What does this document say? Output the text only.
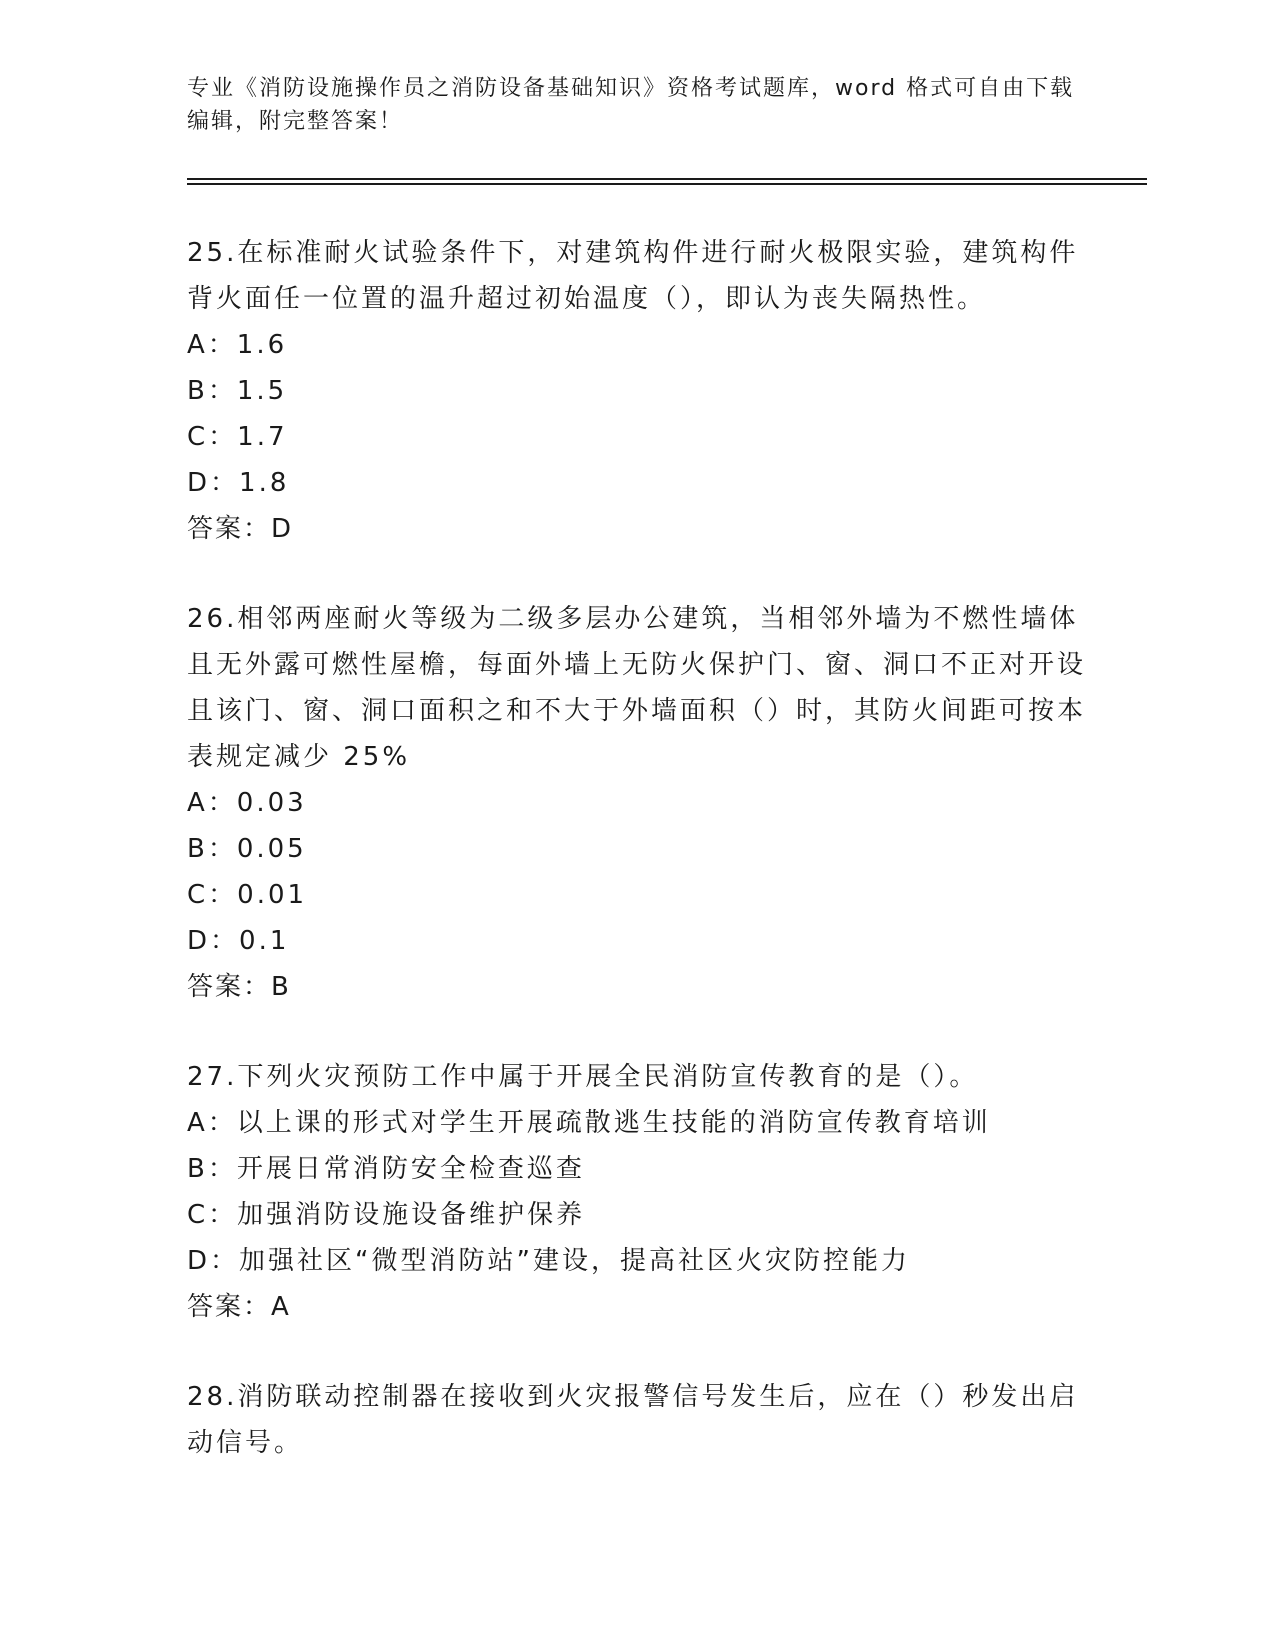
专业《消防设施操作员之消防设备基础知识》资格考试题库，word 格式可自由下载编辑，附完整答案！

25.在标准耐火试验条件下，对建筑构件进行耐火极限实验，建筑构件背火面任一位置的温升超过初始温度（），即认为丧失隔热性。

A：1.6

B：1.5

C：1.7

D：1.8

答案：D

26.相邻两座耐火等级为二级多层办公建筑，当相邻外墙为不燃性墙体且无外露可燃性屋檐，每面外墙上无防火保护门、窗、洞口不正对开设且该门、窗、洞口面积之和不大于外墙面积（）时，其防火间距可按本表规定减少 25%

A：0.03

B：0.05

C：0.01

D：0.1

答案：B

27.下列火灾预防工作中属于开展全民消防宣传教育的是（）。

A：以上课的形式对学生开展疏散逃生技能的消防宣传教育培训

B：开展日常消防安全检查巡查

C：加强消防设施设备维护保养

D：加强社区“微型消防站”建设，提高社区火灾防控能力

答案：A

28.消防联动控制器在接收到火灾报警信号发生后，应在（）秒发出启动信号。
